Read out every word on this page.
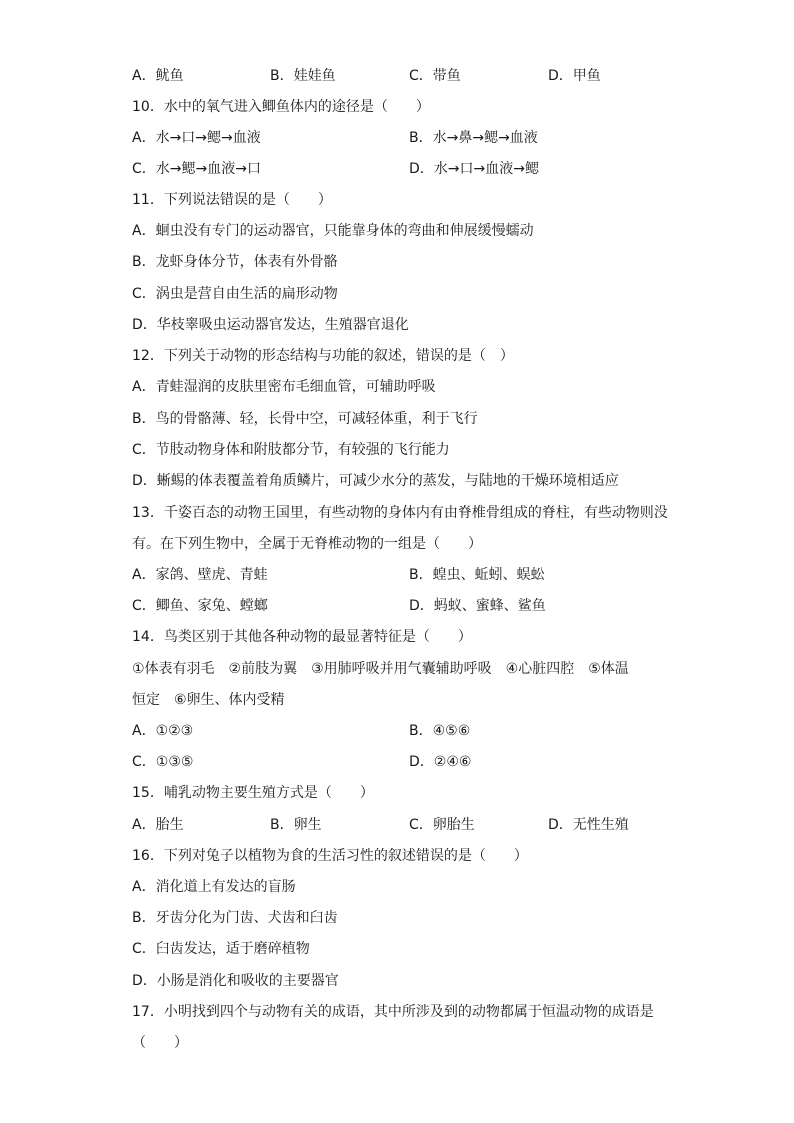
A．鱿鱼	B．娃娃鱼	C．带鱼	D．甲鱼
10．水中的氧气进入鲫鱼体内的途径是（　　）
A．水→口→鳃→血液	B．水→鼻→鳃→血液
C．水→鳃→血液→口	D．水→口→血液→鳃
11．下列说法错误的是（　　）
A．蛔虫没有专门的运动器官，只能靠身体的弯曲和伸展缓慢蠕动
B．龙虾身体分节，体表有外骨骼
C．涡虫是营自由生活的扁形动物
D．华枝睾吸虫运动器官发达，生殖器官退化
12．下列关于动物的形态结构与功能的叙述，错误的是（　）
A．青蛙湿润的皮肤里密布毛细血管，可辅助呼吸
B．鸟的骨骼薄、轻，长骨中空，可减轻体重，利于飞行
C．节肢动物身体和附肢都分节，有较强的飞行能力
D．蜥蜴的体表覆盖着角质鳞片，可减少水分的蒸发，与陆地的干燥环境相适应
13．千姿百态的动物王国里，有些动物的身体内有由脊椎骨组成的脊柱，有些动物则没
有。在下列生物中，全属于无脊椎动物的一组是（　　）
A．家鸽、壁虎、青蛙	B．蝗虫、蚯蚓、蜈蚣
C．鲫鱼、家兔、螳螂	D．蚂蚁、蜜蜂、鲨鱼
14．鸟类区别于其他各种动物的最显著特征是（　　）
①体表有羽毛　②前肢为翼　③用肺呼吸并用气囊辅助呼吸　④心脏四腔　⑤体温
恒定　⑥卵生、体内受精
A．①②③	B．④⑤⑥
C．①③⑤	D．②④⑥
15．哺乳动物主要生殖方式是（　　）
A．胎生	B．卵生	C．卵胎生	D．无性生殖
16．下列对兔子以植物为食的生活习性的叙述错误的是（　　）
A．消化道上有发达的盲肠
B．牙齿分化为门齿、犬齿和臼齿
C．臼齿发达，适于磨碎植物
D．小肠是消化和吸收的主要器官
17．小明找到四个与动物有关的成语，其中所涉及到的动物都属于恒温动物的成语是
（　　）
